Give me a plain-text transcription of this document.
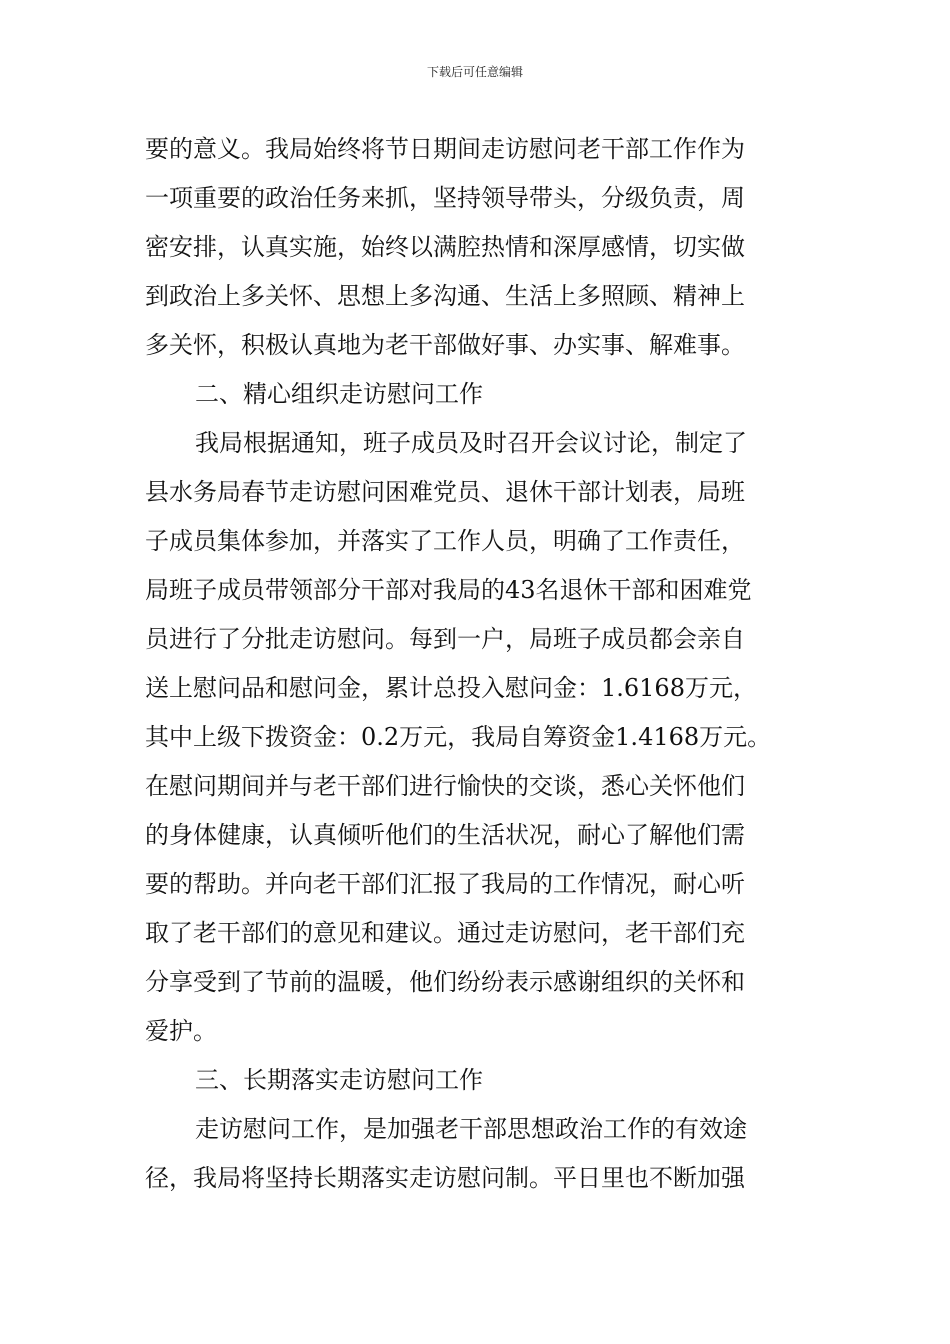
下载后可任意编辑
要的意义。我局始终将节日期间走访慰问老干部工作作为
一项重要的政治任务来抓，坚持领导带头，分级负责，周
密安排，认真实施，始终以满腔热情和深厚感情，切实做
到政治上多关怀、思想上多沟通、生活上多照顾、精神上
多关怀，积极认真地为老干部做好事、办实事、解难事。
二、精心组织走访慰问工作
我局根据通知，班子成员及时召开会议讨论，制定了
县水务局春节走访慰问困难党员、退休干部计划表，局班
子成员集体参加，并落实了工作人员，明确了工作责任，
局班子成员带领部分干部对我局的43名退休干部和困难党
员进行了分批走访慰问。每到一户，局班子成员都会亲自
送上慰问品和慰问金，累计总投入慰问金：1.6168万元，
其中上级下拨资金：0.2万元，我局自筹资金1.4168万元。
在慰问期间并与老干部们进行愉快的交谈，悉心关怀他们
的身体健康，认真倾听他们的生活状况，耐心了解他们需
要的帮助。并向老干部们汇报了我局的工作情况，耐心听
取了老干部们的意见和建议。通过走访慰问，老干部们充
分享受到了节前的温暖，他们纷纷表示感谢组织的关怀和
爱护。
三、长期落实走访慰问工作
走访慰问工作，是加强老干部思想政治工作的有效途
径，我局将坚持长期落实走访慰问制。平日里也不断加强
